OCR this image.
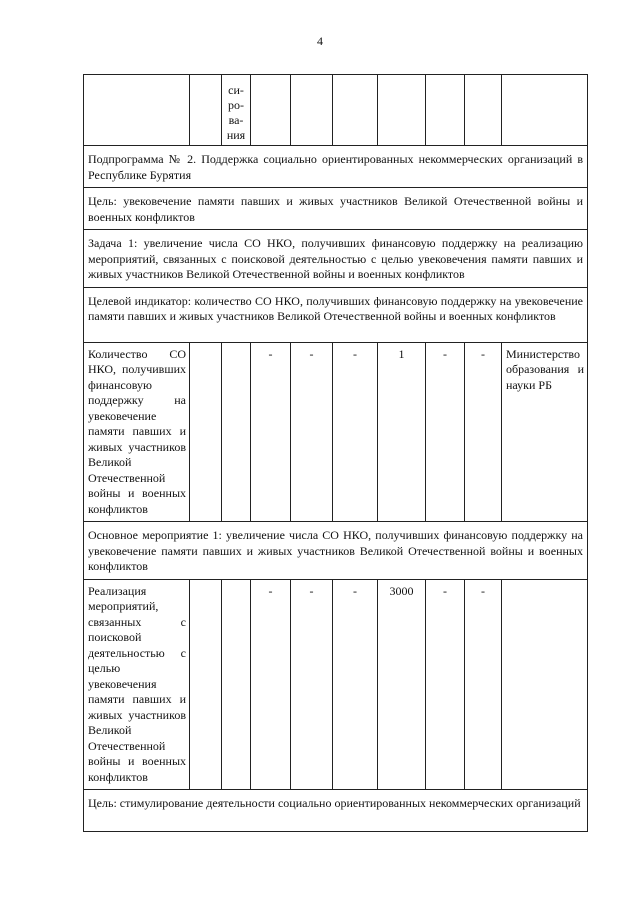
4
		си-
ро-
ва-
ния							
Подпрограмма № 2. Поддержка социально ориентированных некоммерческих организаций в Республике Бурятия									
Цель: увековечение памяти павших и живых участников Великой Отечественной войны и военных конфликтов									
Задача 1: увеличение числа СО НКО, получивших финансовую поддержку на реализацию мероприятий, связанных с поисковой деятельностью с целью увековечения памяти павших и живых участников Великой Отечественной войны и военных конфликтов									
Целевой индикатор: количество СО НКО, получивших финансовую поддержку на увековечение памяти павших и живых участников Великой Отечественной войны и военных конфликтов									
Количество СО НКО, получивших финансовую поддержку на увековечение памяти павших и живых участников Великой Отечественной войны и военных конфликтов			-	-	-	1	-	-	Министерство образования и науки РБ
Основное мероприятие 1: увеличение числа СО НКО, получивших финансовую поддержку на увековечение памяти павших и живых участников Великой Отечественной войны и военных конфликтов									
Реализация мероприятий, связанных с поисковой деятельностью с целью увековечения памяти павших и живых участников Великой Отечественной войны и военных конфликтов			-	-	-	3000	-	-	
Цель: стимулирование деятельности социально ориентированных некоммерческих организаций									
